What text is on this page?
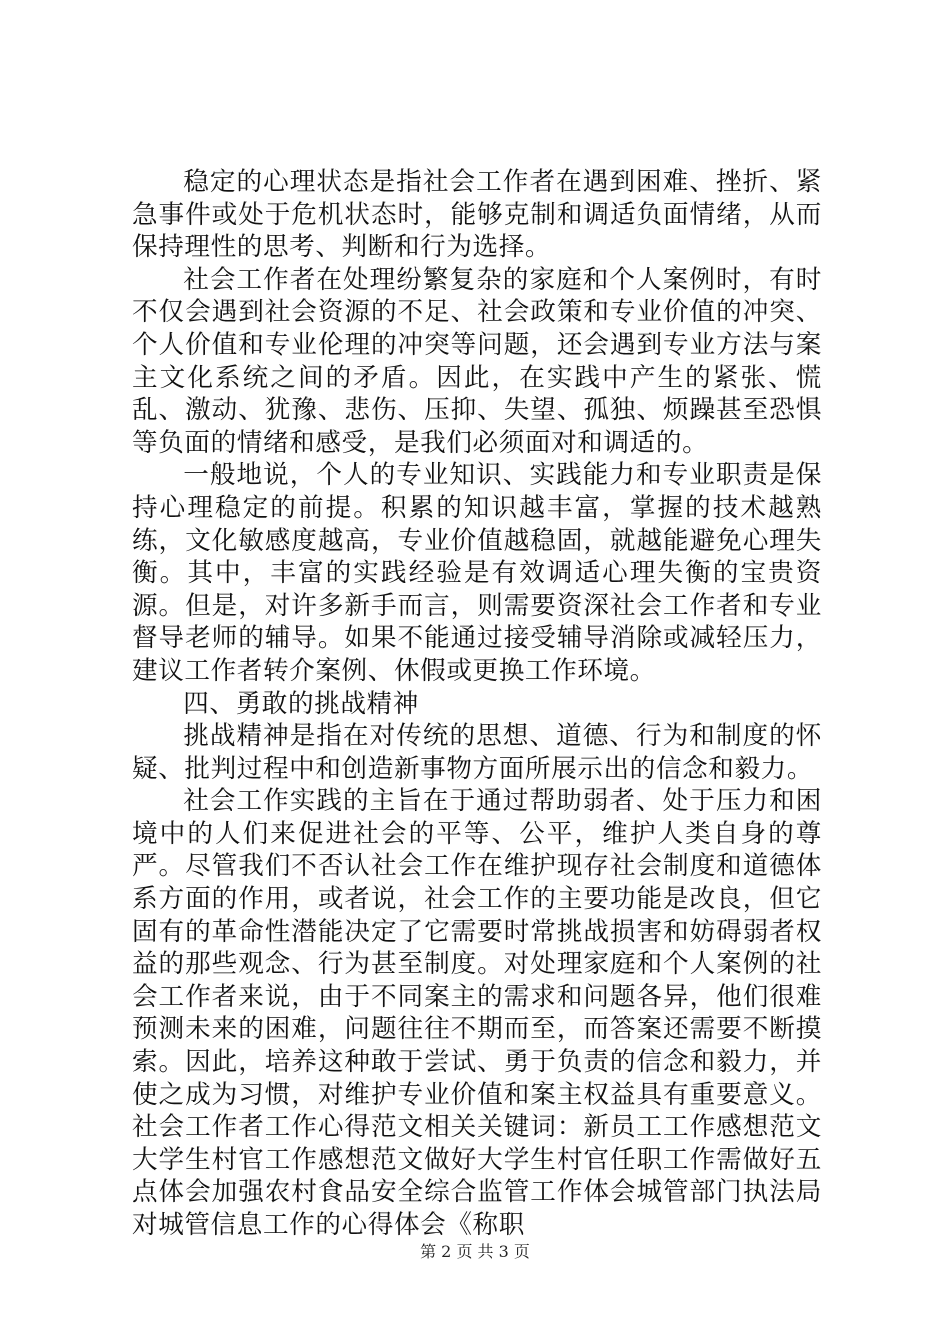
稳定的心理状态是指社会工作者在遇到困难、挫折、紧急事件或处于危机状态时，能够克制和调适负面情绪，从而保持理性的思考、判断和行为选择。

社会工作者在处理纷繁复杂的家庭和个人案例时，有时不仅会遇到社会资源的不足、社会政策和专业价值的冲突、个人价值和专业伦理的冲突等问题，还会遇到专业方法与案主文化系统之间的矛盾。因此，在实践中产生的紧张、慌乱、激动、犹豫、悲伤、压抑、失望、孤独、烦躁甚至恐惧等负面的情绪和感受，是我们必须面对和调适的。

一般地说，个人的专业知识、实践能力和专业职责是保持心理稳定的前提。积累的知识越丰富，掌握的技术越熟练，文化敏感度越高，专业价值越稳固，就越能避免心理失衡。其中，丰富的实践经验是有效调适心理失衡的宝贵资源。但是，对许多新手而言，则需要资深社会工作者和专业督导老师的辅导。如果不能通过接受辅导消除或减轻压力，建议工作者转介案例、休假或更换工作环境。

四、勇敢的挑战精神

挑战精神是指在对传统的思想、道德、行为和制度的怀疑、批判过程中和创造新事物方面所展示出的信念和毅力。

社会工作实践的主旨在于通过帮助弱者、处于压力和困境中的人们来促进社会的平等、公平，维护人类自身的尊严。尽管我们不否认社会工作在维护现存社会制度和道德体系方面的作用，或者说，社会工作的主要功能是改良，但它固有的革命性潜能决定了它需要时常挑战损害和妨碍弱者权益的那些观念、行为甚至制度。对处理家庭和个人案例的社会工作者来说，由于不同案主的需求和问题各异，他们很难预测未来的困难，问题往往不期而至，而答案还需要不断摸索。因此，培养这种敢于尝试、勇于负责的信念和毅力，并使之成为习惯，对维护专业价值和案主权益具有重要意义。社会工作者工作心得范文相关关键词：新员工工作感想范文大学生村官工作感想范文做好大学生村官任职工作需做好五点体会加强农村食品安全综合监管工作体会城管部门执法局对城管信息工作的心得体会《称职

第 2 页 共 3 页
